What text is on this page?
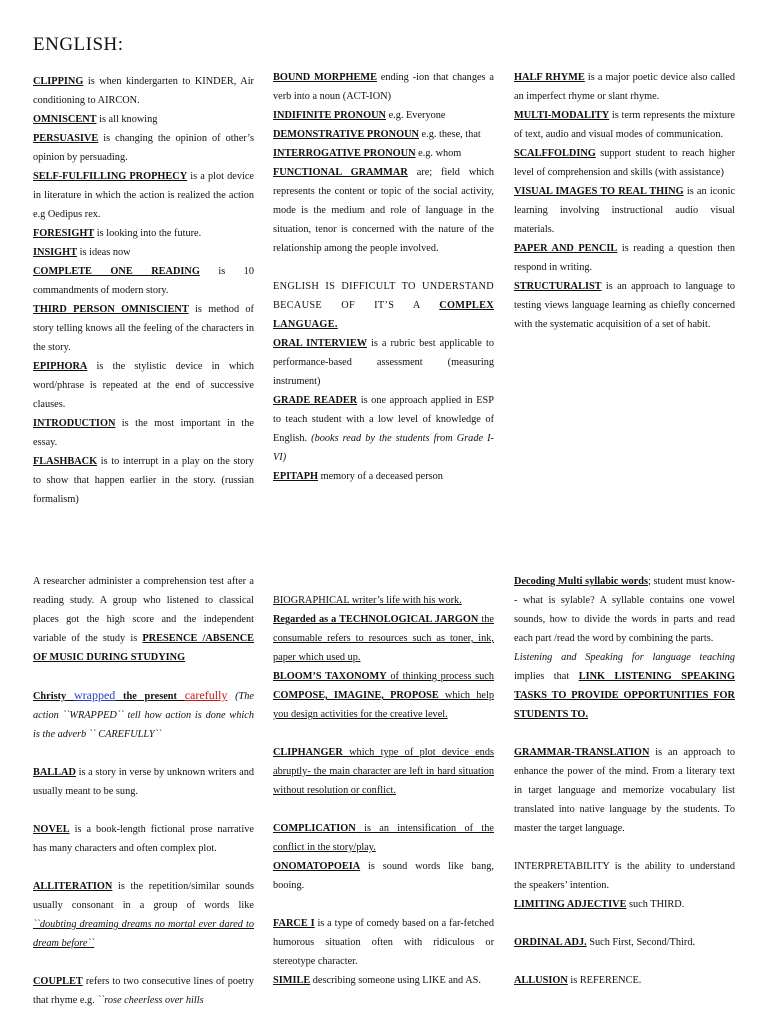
ENGLISH:

CLIPPING is when kindergarten to KINDER, Air conditioning to AIRCON.

OMNISCENT is all knowing

PERSUASIVE is changing the opinion of other’s opinion by persuading.

SELF-FULFILLING PROPHECY is a plot device in literature in which the action is realized the action e.g Oedipus rex.

FORESIGHT is looking into the future.

INSIGHT is ideas now

COMPLETE ONE READING is 10 commandments of modern story.

THIRD PERSON OMNISCIENT is method of story telling knows all the feeling of the characters in the story.

EPIPHORA is the stylistic device in which word/phrase is repeated at the end of successive clauses.

INTRODUCTION is the most important in the essay.

FLASHBACK is to interrupt in a play on the story to show that happen earlier in the story. (russian formalism)

BOUND MORPHEME ending -ion that changes a verb into a noun (ACT-ION)

INDIFINITE PRONOUN e.g. Everyone

DEMONSTRATIVE PRONOUN e.g. these, that

INTERROGATIVE PRONOUN e.g. whom

FUNCTIONAL GRAMMAR are; field which represents the content or topic of the social activity, mode is the medium and role of language in the situation, tenor is concerned with the nature of the relationship among the people involved.

ENGLISH IS DIFFICULT TO UNDERSTAND BECAUSE OF IT’S A COMPLEX LANGUAGE.

ORAL INTERVIEW is a rubric best applicable to performance-based assessment (measuring instrument)

GRADE READER is one approach applied in ESP to teach student with a low level of knowledge of English. (books read by the students from Grade I-VI)

EPITAPH memory of a deceased person

HALF RHYME is a major poetic device also called an imperfect rhyme or slant rhyme.

MULTI-MODALITY is term represents the mixture of text, audio and visual modes of communication.

SCALFFOLDING support student to reach higher level of comprehension and skills (with assistance)

VISUAL IMAGES TO REAL THING is an iconic learning involving instructional audio visual materials.

PAPER AND PENCIL is reading a question then respond in writing.

STRUCTURALIST is an approach to language to testing views language learning as chiefly concerned with the systematic acquisition of a set of habit.

A researcher administer a comprehension test after a reading study. A group who listened to classical places got the high score and the independent variable of the study is PRESENCE /ABSENCE OF MUSIC DURING STUDYING

Christy wrapped the present carefully (The action ``WRAPPED`` tell how action is done which is the adverb `` CAREFULLY``

BALLAD is a story in verse by unknown writers and usually meant to be sung.

NOVEL is a book-length fictional prose narrative has many characters and often complex plot.

ALLITERATION is the repetition/similar sounds usually consonant in a group of words like ``doubting dreaming dreams no mortal ever dared to dream before``

COUPLET refers to two consecutive lines of poetry that rhyme e.g. ``rose cheerless over hills

BIOGRAPHICAL writer’s life with his work.

Regarded as a TECHNOLOGICAL JARGON the consumable refers to resources such as toner, ink, paper which used up.

BLOOM’S TAXONOMY of thinking process such COMPOSE, IMAGINE, PROPOSE which help you design activities for the creative level.

CLIPHANGER which type of plot device ends abruptly- the main character are left in hard situation without resolution or conflict.

COMPLICATION is an intensification of the conflict in the story/play.

ONOMATOPOEIA is sound words like bang, booing.

FARCE I is a type of comedy based on a far-fetched humorous situation often with ridiculous or stereotype character.

SIMILE describing someone using LIKE and AS.

Decoding Multi syllabic words; student must know-- what is sylable? A syllable contains one vowel sounds, how to divide the words in parts and read each part /read the word by combining the parts.

Listening and Speaking for language teaching implies that LINK LISTENING SPEAKING TASKS TO PROVIDE OPPORTUNITIES FOR STUDENTS TO.

GRAMMAR-TRANSLATION is an approach to enhance the power of the mind. From a literary text in target language and memorize vocabulary list translated into native language by the students. To master the target language.

INTERPRETABILITY is the ability to understand the speakers’ intention.

LIMITING ADJECTIVE such THIRD.

ORDINAL ADJ. Such First, Second/Third.

ALLUSION is REFERENCE.
